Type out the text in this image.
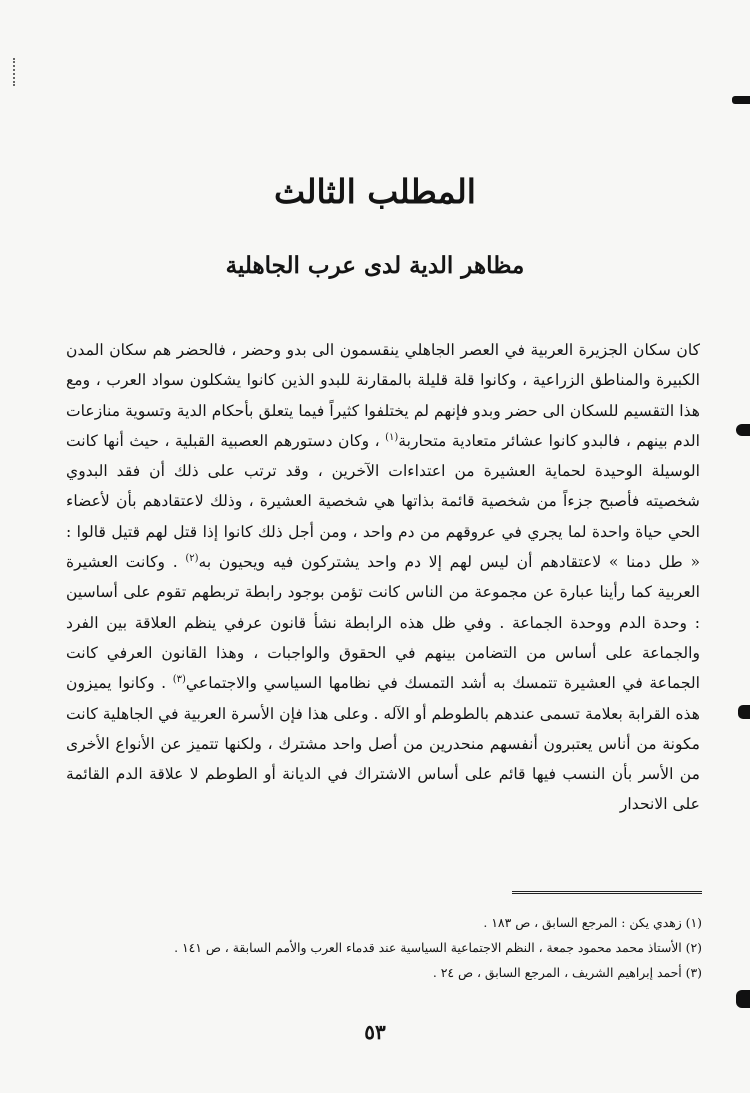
المطلب الثالث
مظاهر الدية لدى عرب الجاهلية

كان سكان الجزيرة العربية في العصر الجاهلي ينقسمون الى بدو وحضر ، فالحضر هم سكان المدن الكبيرة والمناطق الزراعية ، وكانوا قلة قليلة بالمقارنة للبدو الذين كانوا يشكلون سواد العرب ، ومع هذا التقسيم للسكان الى حضر وبدو فإنهم لم يختلفوا كثيراً فيما يتعلق بأحكام الدية وتسوية منازعات الدم بينهم ، فالبدو كانوا عشائر متعادية متحاربة$^{(١)}$ ، وكان دستورهم العصبية القبلية ، حيث أنها كانت الوسيلة الوحيدة لحماية العشيرة من اعتداءات الآخرين ، وقد ترتب على ذلك أن فقد البدوي شخصيته فأصبح جزءاً من شخصية قائمة بذاتها هي شخصية العشيرة ، وذلك لاعتقادهم بأن لأعضاء الحي حياة واحدة لما يجري في عروقهم من دم واحد ، ومن أجل ذلك كانوا إذا قتل لهم قتيل قالوا : « طل دمنا » لاعتقادهم أن ليس لهم إلا دم واحد يشتركون فيه ويحيون به$^{(٢)}$ . وكانت العشيرة العربية كما رأينا عبارة عن مجموعة من الناس كانت تؤمن بوجود رابطة تربطهم تقوم على أساسين : وحدة الدم ووحدة الجماعة . وفي ظل هذه الرابطة نشأ قانون عرفي ينظم العلاقة بين الفرد والجماعة على أساس من التضامن بينهم في الحقوق والواجبات ، وهذا القانون العرفي كانت الجماعة في العشيرة تتمسك به أشد التمسك في نظامها السياسي والاجتماعي$^{(٣)}$ . وكانوا يميزون هذه القرابة بعلامة تسمى عندهم بالطوطم أو الآله . وعلى هذا فإن الأسرة العربية في الجاهلية كانت مكونة من أناس يعتبرون أنفسهم منحدرين من أصل واحد مشترك ، ولكنها تتميز عن الأنواع الأخرى من الأسر بأن النسب فيها قائم على أساس الاشتراك في الديانة أو الطوطم لا علاقة الدم القائمة على الانحدار

(١) زهدي يكن : المرجع السابق ، ص ١٨٣ .
(٢) الأستاذ محمد محمود جمعة ، النظم الاجتماعية السياسية عند قدماء العرب والأمم السابقة ، ص ١٤١ .
(٣) أحمد إبراهيم الشريف ، المرجع السابق ، ص ٢٤ .
٥٣
